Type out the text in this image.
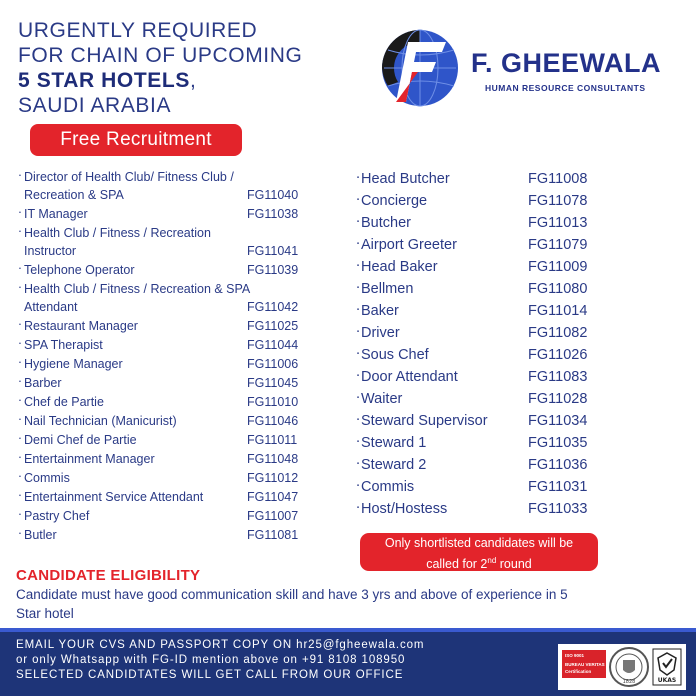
URGENTLY REQUIRED
FOR CHAIN OF UPCOMING
5 STAR HOTELS,
SAUDI ARABIA
F. GHEEWALA
HUMAN RESOURCE CONSULTANTS
Free Recruitment
· Director of Health Club/ Fitness Club / Recreation & SPA	FG11040
· IT Manager	FG11038
· Health Club / Fitness / Recreation Instructor	FG11041
· Telephone Operator	FG11039
· Health Club / Fitness / Recreation & SPA Attendant	FG11042
· Restaurant Manager	FG11025
· SPA Therapist	FG11044
· Hygiene Manager	FG11006
· Barber	FG11045
· Chef de Partie	FG11010
· Nail Technician (Manicurist)	FG11046
· Demi Chef de Partie	FG11011
· Entertainment Manager	FG11048
· Commis	FG11012
· Entertainment Service Attendant	FG11047
· Pastry Chef	FG11007
· Butler	FG11081
· Head Butcher	FG11008
· Concierge	FG11078
· Butcher	FG11013
· Airport Greeter	FG11079
· Head Baker	FG11009
· Bellmen	FG11080
· Baker	FG11014
· Driver	FG11082
· Sous Chef	FG11026
· Door Attendant	FG11083
· Waiter	FG11028
· Steward Supervisor	FG11034
· Steward 1	FG11035
· Steward 2	FG11036
· Commis	FG11031
· Host/Hostess	FG11033
Only shortlisted candidates will be
called for 2nd round
CANDIDATE ELIGIBILITY
Candidate must have good communication skill and have 3 yrs and above of experience in 5 Star hotel
EMAIL YOUR CVS AND PASSPORT COPY ON hr25@fgheewala.com
or only Whatsapp with FG-ID mention above on +91 8108 108950
SELECTED CANDIDTATES WILL GET CALL FROM OUR OFFICE
ISO 9001
BUREAU VERITAS
Certification
1828	UKAS
